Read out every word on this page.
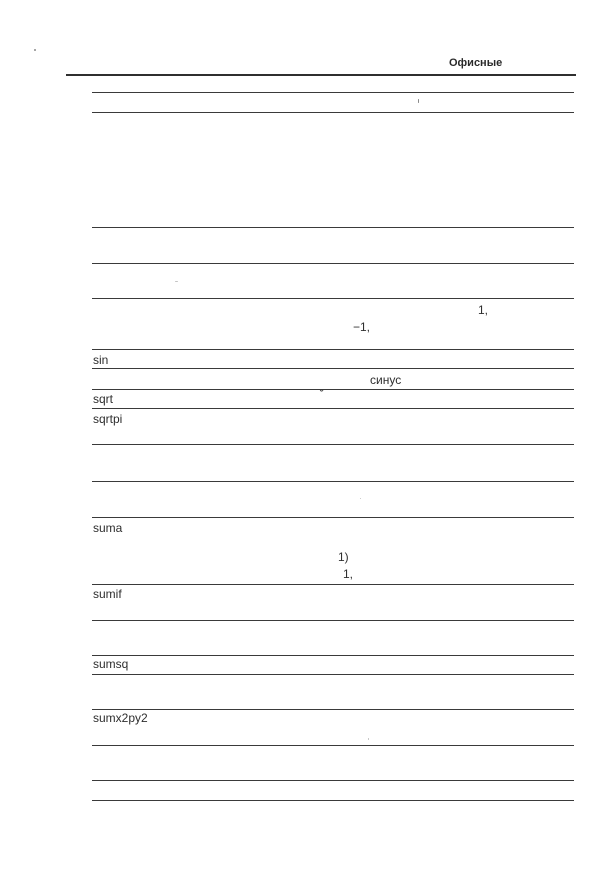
Офисные
1,
−1,
sin
синус
˘
sqrt
sqrtpi
suma
1)
1,
sumif
sumsq
sumx2py2
